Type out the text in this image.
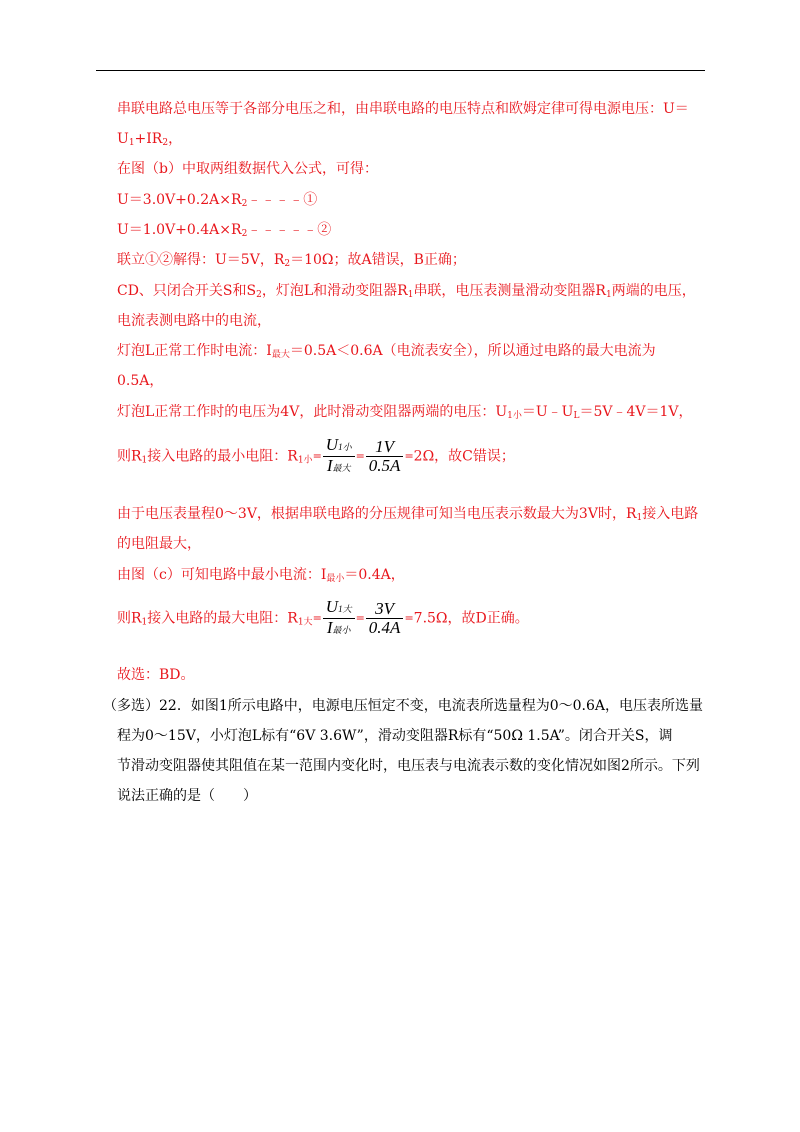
串联电路总电压等于各部分电压之和，由串联电路的电压特点和欧姆定律可得电源电压：U＝
$U_1+IR_2$，
在图（b）中取两组数据代入公式，可得：
$U=3.0V+0.2A\times R_2﹣﹣﹣﹣①$
$U=1.0V+0.4A\times R_2﹣﹣﹣﹣﹣②$
联立①②解得：U＝5V，$R_2=10\Omega$；故A错误，B正确；
CD、只闭合开关S和$S_2$，灯泡L和滑动变阻器$R_1$串联，电压表测量滑动变阻器$R_1$两端的电压，
电流表测电路中的电流，
灯泡L正常工作时电流：$I_{最大}=0.5A<0.6A$（电流表安全），所以通过电路的最大电流为
0.5A，
灯泡L正常工作时的电压为4V，此时滑动变阻器两端的电压：$U_{1小}=U﹣U_L=5V﹣4V=1V$，
则$R_1$接入电路的最小电阻：$R_{1小}= \frac{\text{U1小}}{\text{I最大}} = \frac{1V}{0.5A} =2\Omega$，故C错误；
由于电压表量程0～3V，根据串联电路的分压规律可知当电压表示数最大为3V时，$R_1$接入电路
的电阻最大，
由图（c）可知电路中最小电流：$I_{最小}=0.4A$，
则$R_1$接入电路的最大电阻：$R_{1大}= \frac{\text{U1大}}{\text{I最小}} = \frac{3V}{0.4A} =7.5\Omega$，故D正确。
故选：BD。
（多选）22．如图1所示电路中，电源电压恒定不变，电流表所选量程为0～0.6A，电压表所选量
程为0～15V，小灯泡L标有“6V 3.6W”，滑动变阻器R标有“50Ω 1.5A”。闭合开关S，调
节滑动变阻器使其阻值在某一范围内变化时，电压表与电流表示数的变化情况如图2所示。下列
说法正确的是（　　）
